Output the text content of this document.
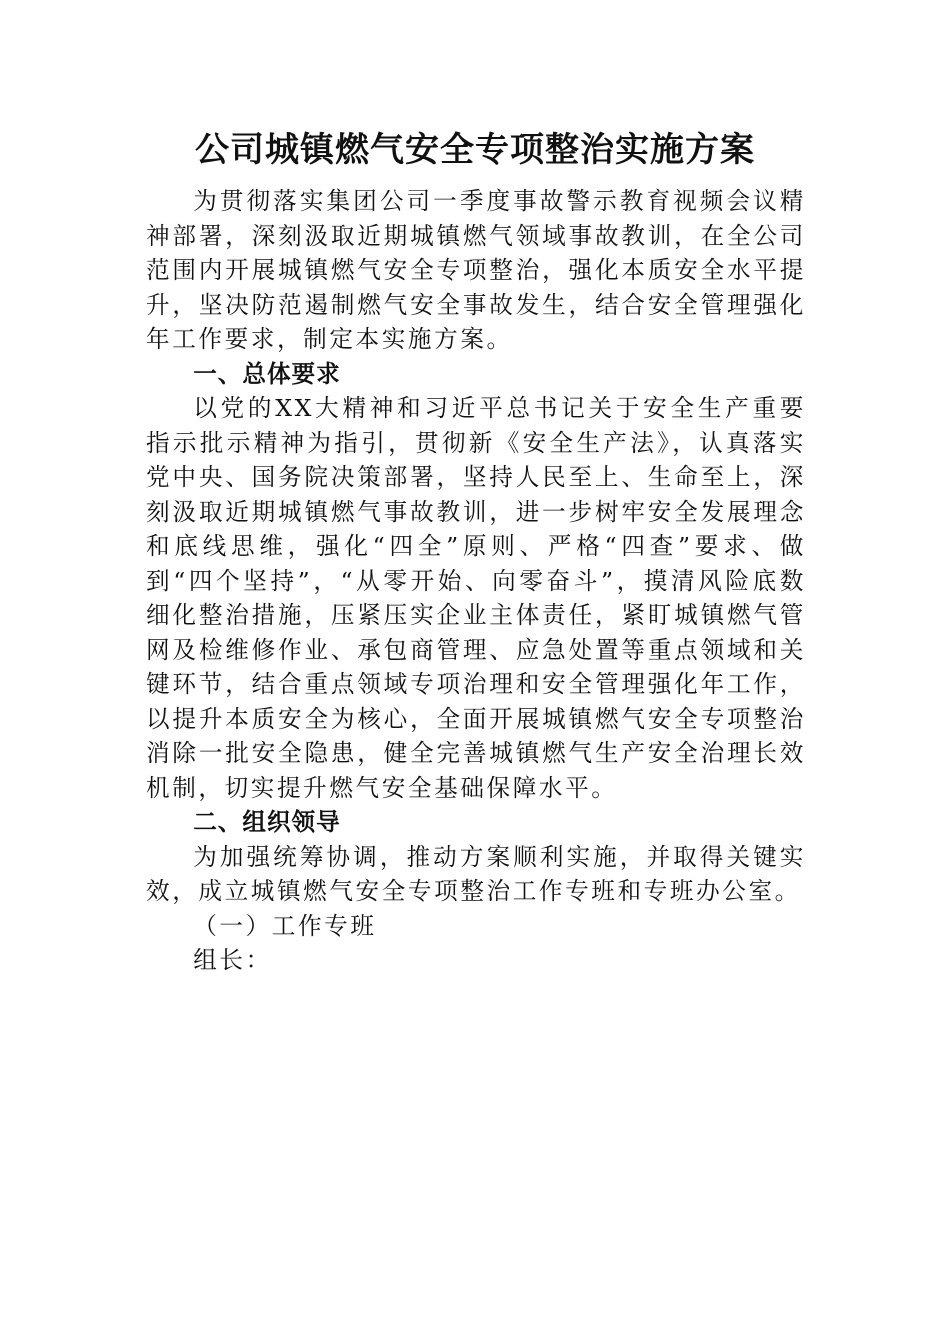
公司城镇燃气安全专项整治实施方案

为贯彻落实集团公司一季度事故警示教育视频会议精神部署，深刻汲取近期城镇燃气领域事故教训，在全公司范围内开展城镇燃气安全专项整治，强化本质安全水平提升，坚决防范遏制燃气安全事故发生，结合安全管理强化年工作要求，制定本实施方案。

一、总体要求

以党的XX大精神和习近平总书记关于安全生产重要指示批示精神为指引，贯彻新《安全生产法》，认真落实党中央、国务院决策部署，坚持人民至上、生命至上，深刻汲取近期城镇燃气事故教训，进一步树牢安全发展理念和底线思维，强化“四全”原则、严格“四查”要求、做到“四个坚持”，“从零开始、向零奋斗”，摸清风险底数细化整治措施，压紧压实企业主体责任，紧盯城镇燃气管网及检维修作业、承包商管理、应急处置等重点领域和关键环节，结合重点领域专项治理和安全管理强化年工作，以提升本质安全为核心，全面开展城镇燃气安全专项整治消除一批安全隐患，健全完善城镇燃气生产安全治理长效机制，切实提升燃气安全基础保障水平。

二、组织领导

为加强统筹协调，推动方案顺利实施，并取得关键实效，成立城镇燃气安全专项整治工作专班和专班办公室。

（一）工作专班

组长：
